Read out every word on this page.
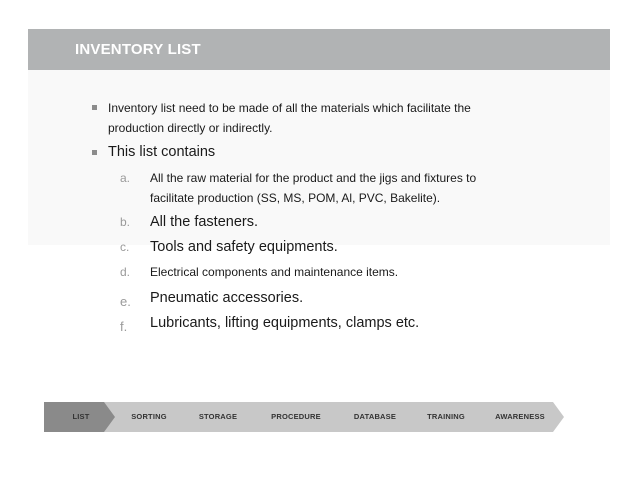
INVENTORY LIST
Inventory list need to be made of all the materials which facilitate the production directly or indirectly.
This list contains
a. All the raw material for the product and the jigs and fixtures to facilitate production (SS, MS, POM, Al, PVC, Bakelite).
b. All the fasteners.
c. Tools and safety equipments.
d. Electrical components and maintenance items.
e. Pneumatic accessories.
f. Lubricants, lifting equipments, clamps etc.
LIST	SORTING	STORAGE	PROCEDURE	DATABASE	TRAINING	AWARENESS
